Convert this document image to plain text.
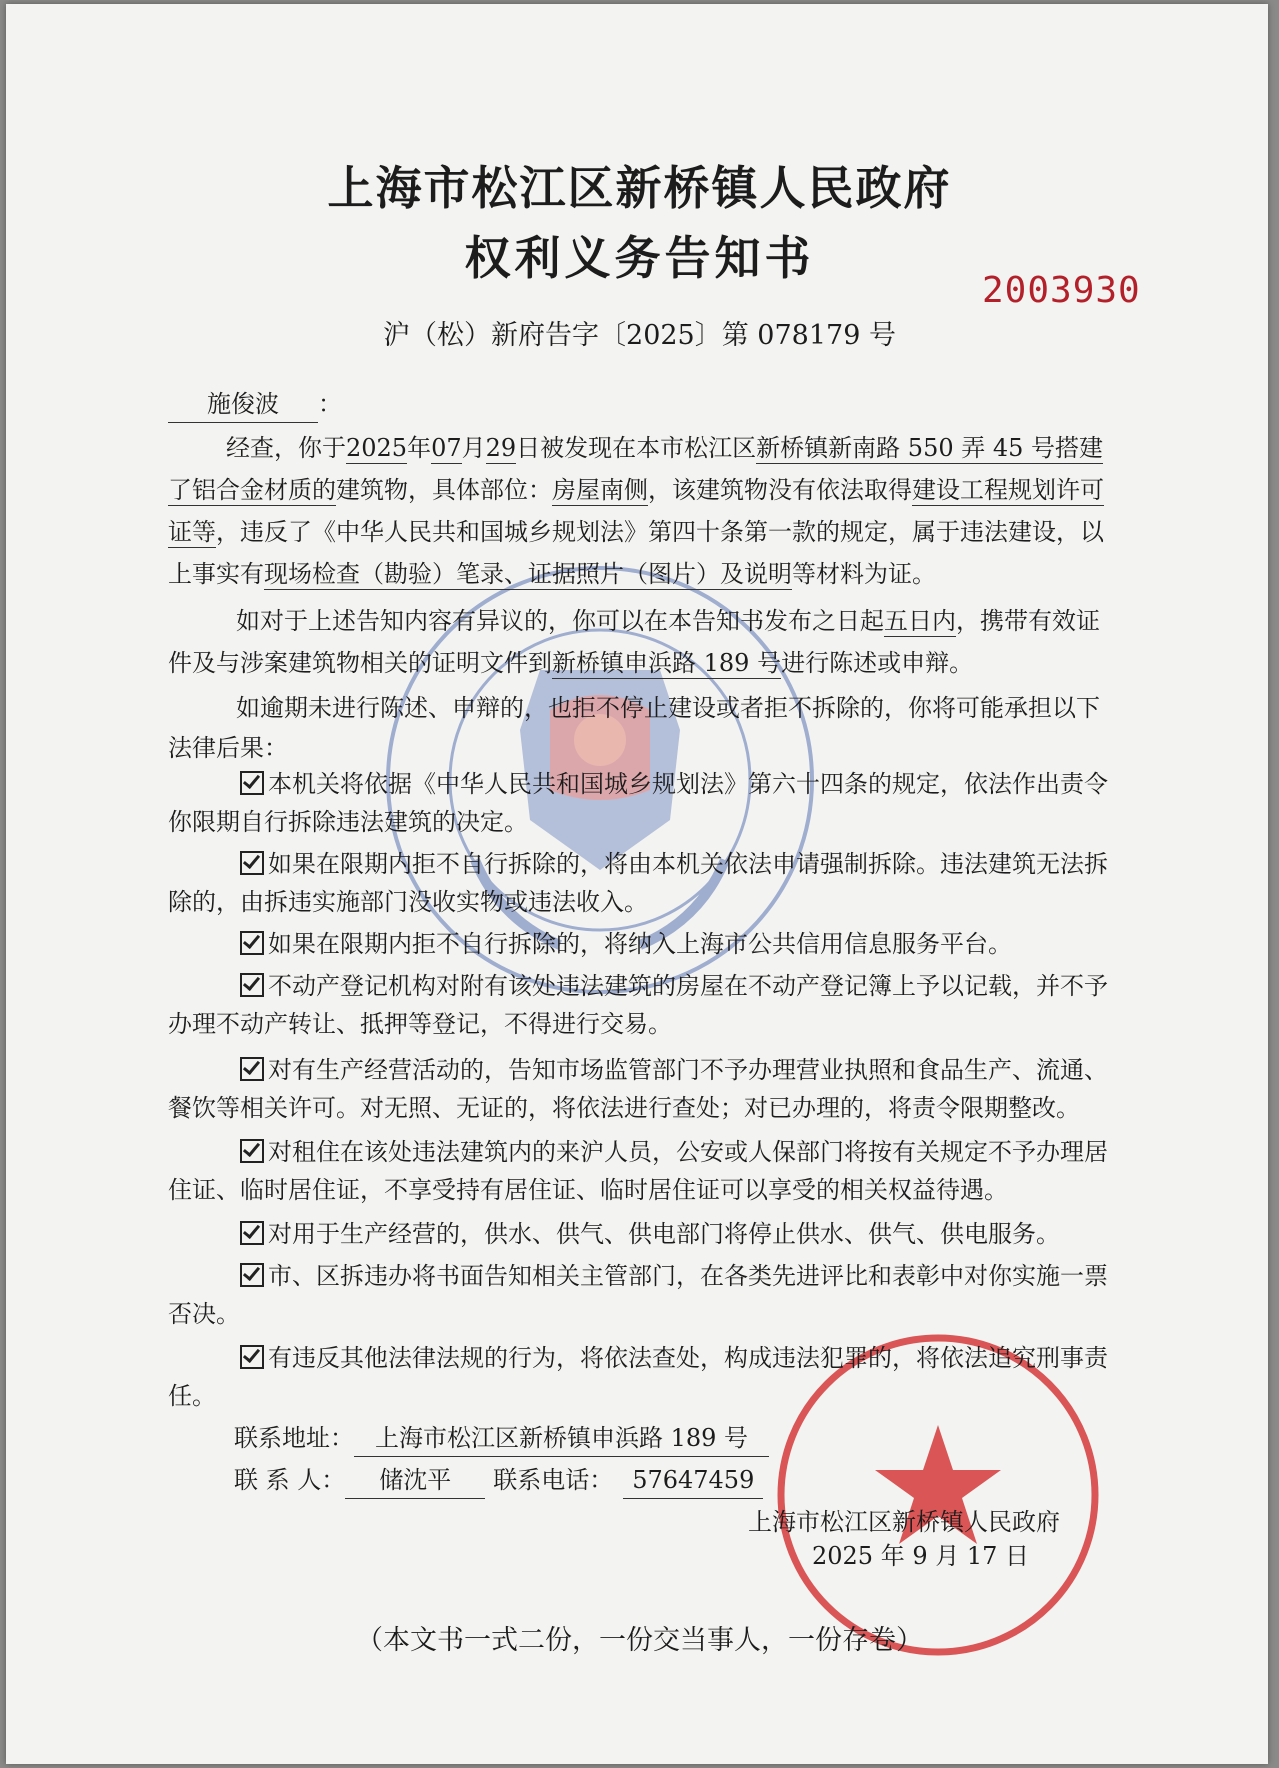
上海市松江区新桥镇人民政府
权利义务告知书
2003930
沪（松）新府告字〔2025〕第 078179 号
施俊波 ：
经查，你于2025年07月29日被发现在本市松江区新桥镇新南路 550 弄 45 号搭建
了铝合金材质的建筑物，具体部位：房屋南侧，该建筑物没有依法取得建设工程规划许可
证等，违反了《中华人民共和国城乡规划法》第四十条第一款的规定，属于违法建设，以
上事实有现场检查（勘验）笔录、证据照片（图片）及说明等材料为证。
如对于上述告知内容有异议的，你可以在本告知书发布之日起五日内，携带有效证
件及与涉案建筑物相关的证明文件到新桥镇申浜路 189 号进行陈述或申辩。
如逾期未进行陈述、申辩的，也拒不停止建设或者拒不拆除的，你将可能承担以下
法律后果：
本机关将依据《中华人民共和国城乡规划法》第六十四条的规定，依法作出责令
你限期自行拆除违法建筑的决定。
如果在限期内拒不自行拆除的，将由本机关依法申请强制拆除。违法建筑无法拆
除的，由拆违实施部门没收实物或违法收入。
如果在限期内拒不自行拆除的，将纳入上海市公共信用信息服务平台。
不动产登记机构对附有该处违法建筑的房屋在不动产登记簿上予以记载，并不予
办理不动产转让、抵押等登记，不得进行交易。
对有生产经营活动的，告知市场监管部门不予办理营业执照和食品生产、流通、
餐饮等相关许可。对无照、无证的，将依法进行查处；对已办理的，将责令限期整改。
对租住在该处违法建筑内的来沪人员，公安或人保部门将按有关规定不予办理居
住证、临时居住证，不享受持有居住证、临时居住证可以享受的相关权益待遇。
对用于生产经营的，供水、供气、供电部门将停止供水、供气、供电服务。
市、区拆违办将书面告知相关主管部门，在各类先进评比和表彰中对你实施一票
否决。
有违反其他法律法规的行为，将依法查处，构成违法犯罪的，将依法追究刑事责
任。
联系地址： 上海市松江区新桥镇申浜路 189 号
联 系 人： 储沈平 联系电话： 57647459
上海市松江区新桥镇人民政府
2025 年 9 月 17 日
（本文书一式二份，一份交当事人，一份存卷）
